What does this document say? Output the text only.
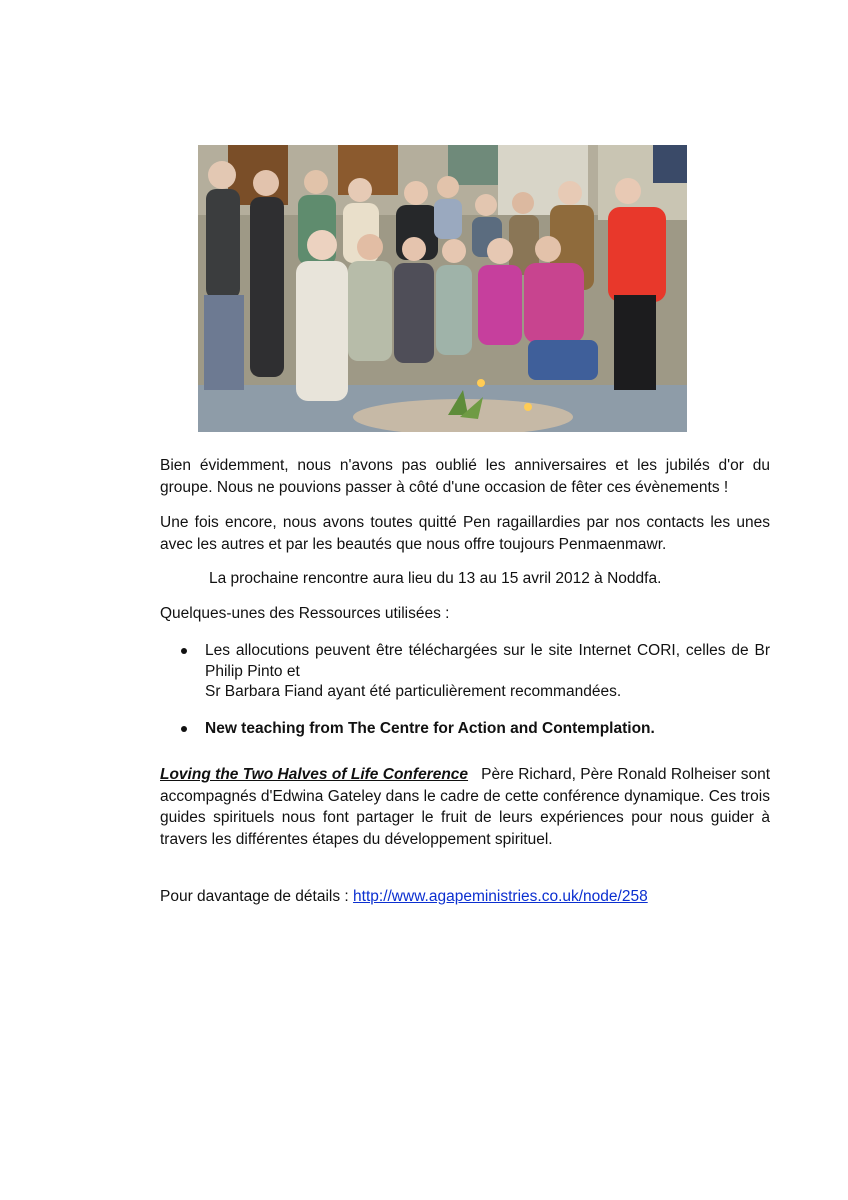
Bien évidemment, nous n'avons pas oublié les anniversaires et les jubilés d'or du groupe. Nous ne pouvions passer à côté d'une occasion de fêter ces évènements !
Une fois encore, nous avons toutes quitté Pen ragaillardies par nos contacts les unes avec les autres et par les beautés que nous offre toujours Penmaenmawr.
La prochaine rencontre aura lieu du 13 au 15 avril 2012 à Noddfa.
Quelques-unes des Ressources utilisées :
Les allocutions peuvent être téléchargées sur le site Internet CORI, celles de Br Philip Pinto et
Sr Barbara Fiand ayant été particulièrement recommandées.
New teaching from The Centre for Action and Contemplation.
Loving the Two Halves of Life Conference Père Richard, Père Ronald Rolheiser sont accompagnés d'Edwina Gateley dans le cadre de cette conférence dynamique. Ces trois guides spirituels nous font partager le fruit de leurs expériences pour nous guider à travers les différentes étapes du développement spirituel.
Pour davantage de détails : http://www.agapeministries.co.uk/node/258
